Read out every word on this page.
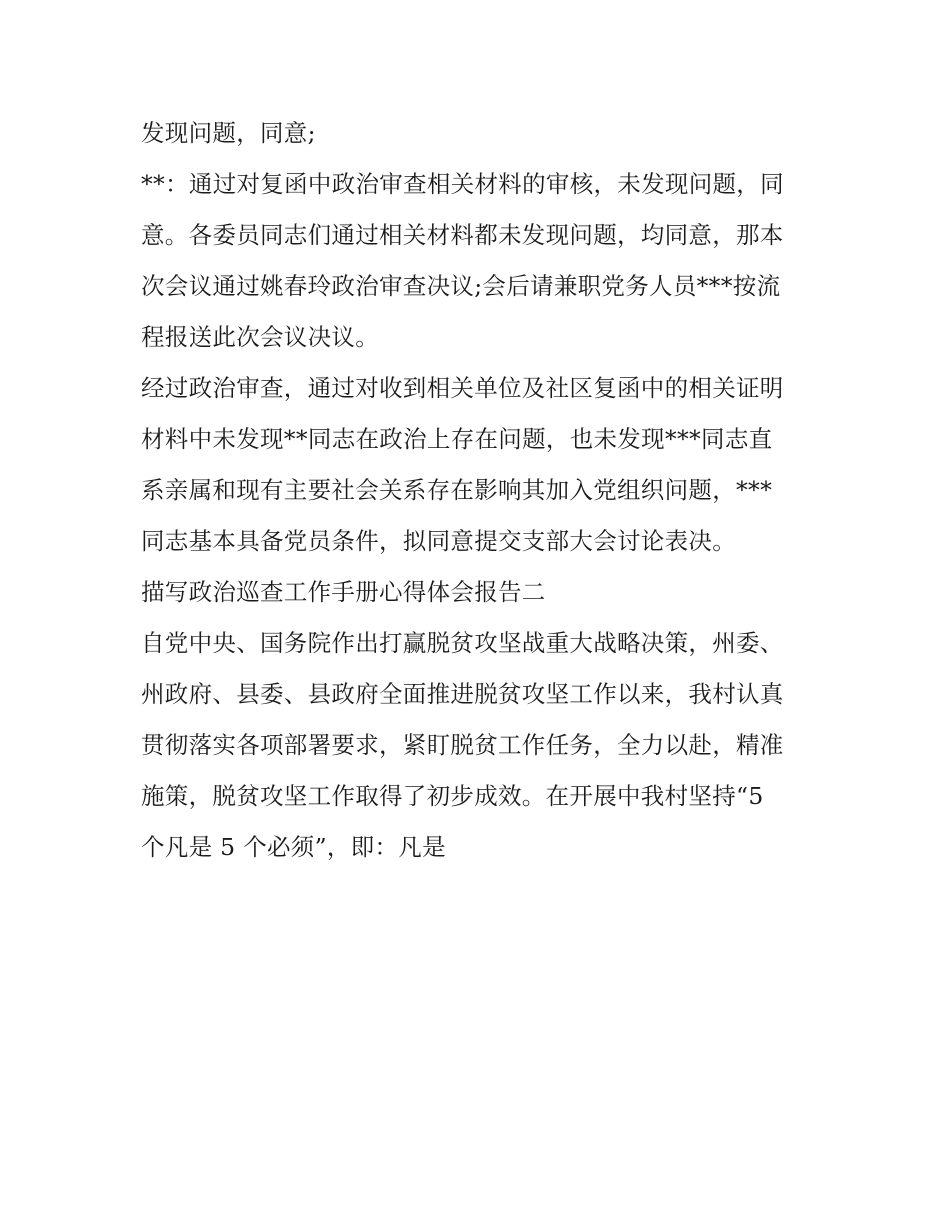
发现问题，同意;
**：通过对复函中政治审查相关材料的审核，未发现问题，同
意。各委员同志们通过相关材料都未发现问题，均同意，那本
次会议通过姚春玲政治审查决议;会后请兼职党务人员***按流
程报送此次会议决议。
经过政治审查，通过对收到相关单位及社区复函中的相关证明
材料中未发现**同志在政治上存在问题，也未发现***同志直
系亲属和现有主要社会关系存在影响其加入党组织问题，***
同志基本具备党员条件，拟同意提交支部大会讨论表决。
描写政治巡查工作手册心得体会报告二
自党中央、国务院作出打赢脱贫攻坚战重大战略决策，州委、
州政府、县委、县政府全面推进脱贫攻坚工作以来，我村认真
贯彻落实各项部署要求，紧盯脱贫工作任务，全力以赴，精准
施策，脱贫攻坚工作取得了初步成效。在开展中我村坚持“5
个凡是 5 个必须”，即：凡是
